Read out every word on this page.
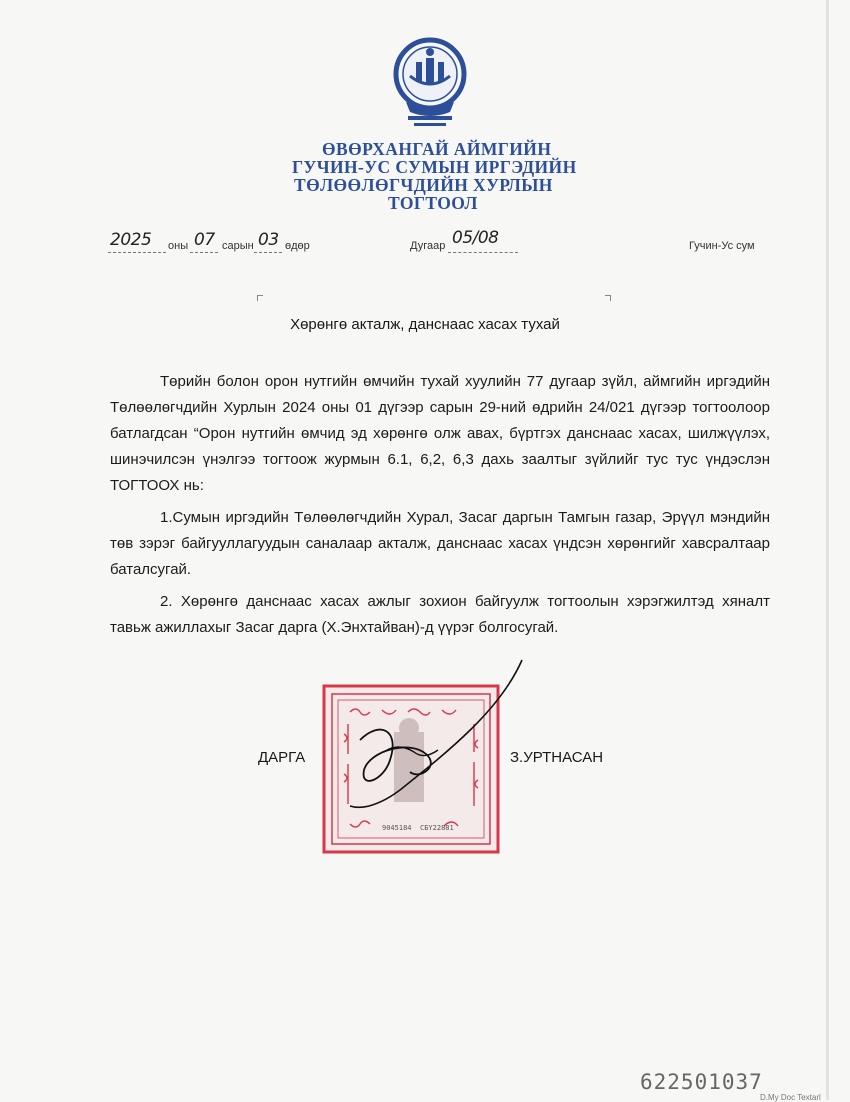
ӨВӨРХАНГАЙ АЙМГИЙН
ГУЧИН-УС СУМЫН ИРГЭДИЙН
ТӨЛӨӨЛӨГЧДИЙН ХУРЛЫН
ТОГТООЛ
2025 оны 07 сарын 03 өдөр	Дугаар 05/08	Гучин-Ус сум
Хөрөнгө акталж, данснаас хасах тухай

Төрийн болон орон нутгийн өмчийн тухай хуулийн 77 дугаар зүйл, аймгийн иргэдийн Төлөөлөгчдийн Хурлын 2024 оны 01 дүгээр сарын 29-ний өдрийн 24/021 дүгээр тогтоолоор батлагдсан “Орон нутгийн өмчид эд хөрөнгө олж авах, бүртгэх данснаас хасах, шилжүүлэх, шинэчилсэн үнэлгээ тогтоож журмын 6.1, 6,2, 6,3 дахь заалтыг зүйлийг тус тус үндэслэн ТОГТООХ нь:

1.Сумын иргэдийн Төлөөлөгчдийн Хурал, Засаг даргын Тамгын газар, Эрүүл мэндийн төв зэрэг байгууллагуудын саналаар акталж, данснаас хасах үндсэн хөрөнгийг хавсралтаар баталсугай.

2. Хөрөнгө данснаас хасах ажлыг зохион байгуулж тогтоолын хэрэгжилтэд хяналт тавьж ажиллахыг Засаг дарга (Х.Энхтайван)-д үүрэг болгосугай.

9045184 CБY22881
ДАРГА	З.УРТНАСАН
622501037
D.My Doc Textarl
